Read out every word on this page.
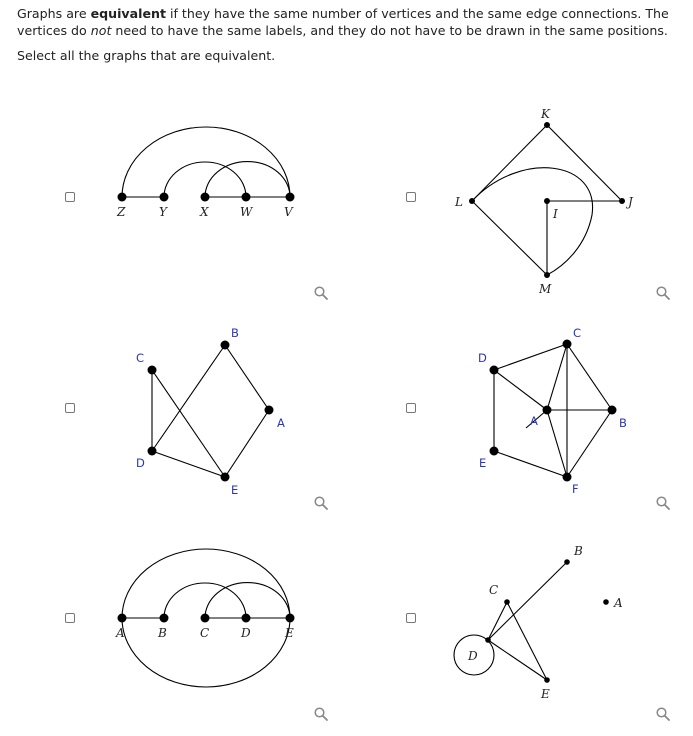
Graphs are equivalent if they have the same number of vertices and the same edge connections. The vertices do not need to have the same labels, and they do not have to be drawn in the same positions.

Select all the graphs that are equivalent.

Z	Y	X	W	V
K
L	J
I
M
B
C
A
D
E
C
D
A	B
E
F
A	B	C	D	E
B
C
A
D
E
